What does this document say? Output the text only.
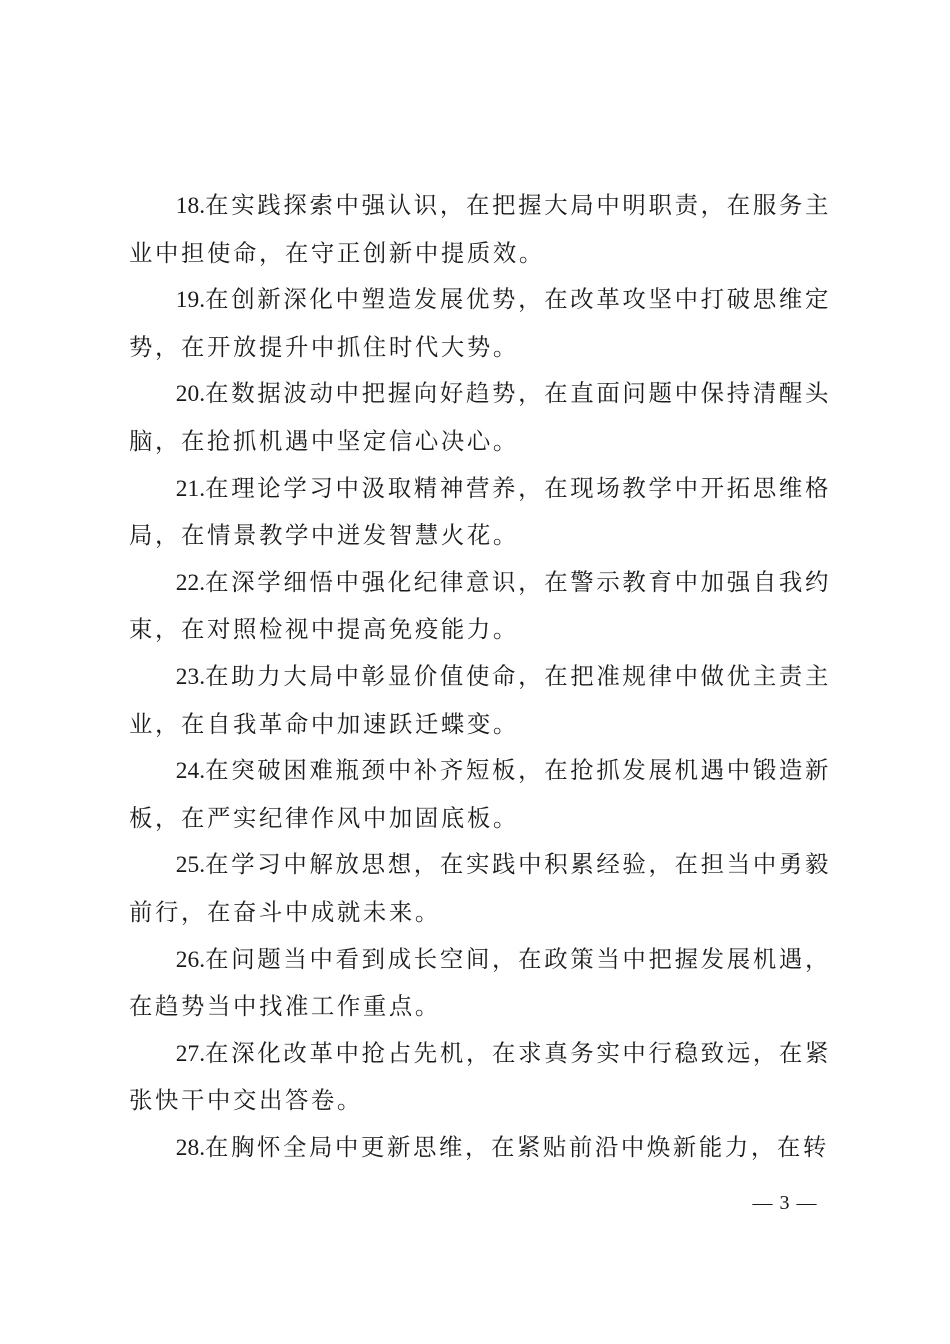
18.在实践探索中强认识，在把握大局中明职责，在服务主业中担使命，在守正创新中提质效。

19.在创新深化中塑造发展优势，在改革攻坚中打破思维定势，在开放提升中抓住时代大势。

20.在数据波动中把握向好趋势，在直面问题中保持清醒头脑，在抢抓机遇中坚定信心决心。

21.在理论学习中汲取精神营养，在现场教学中开拓思维格局，在情景教学中迸发智慧火花。

22.在深学细悟中强化纪律意识，在警示教育中加强自我约束，在对照检视中提高免疫能力。

23.在助力大局中彰显价值使命，在把准规律中做优主责主业，在自我革命中加速跃迁蝶变。

24.在突破困难瓶颈中补齐短板，在抢抓发展机遇中锻造新板，在严实纪律作风中加固底板。

25.在学习中解放思想，在实践中积累经验，在担当中勇毅前行，在奋斗中成就未来。

26.在问题当中看到成长空间，在政策当中把握发展机遇，在趋势当中找准工作重点。

27.在深化改革中抢占先机，在求真务实中行稳致远，在紧张快干中交出答卷。

28.在胸怀全局中更新思维，在紧贴前沿中焕新能力，在转

— 3 —
